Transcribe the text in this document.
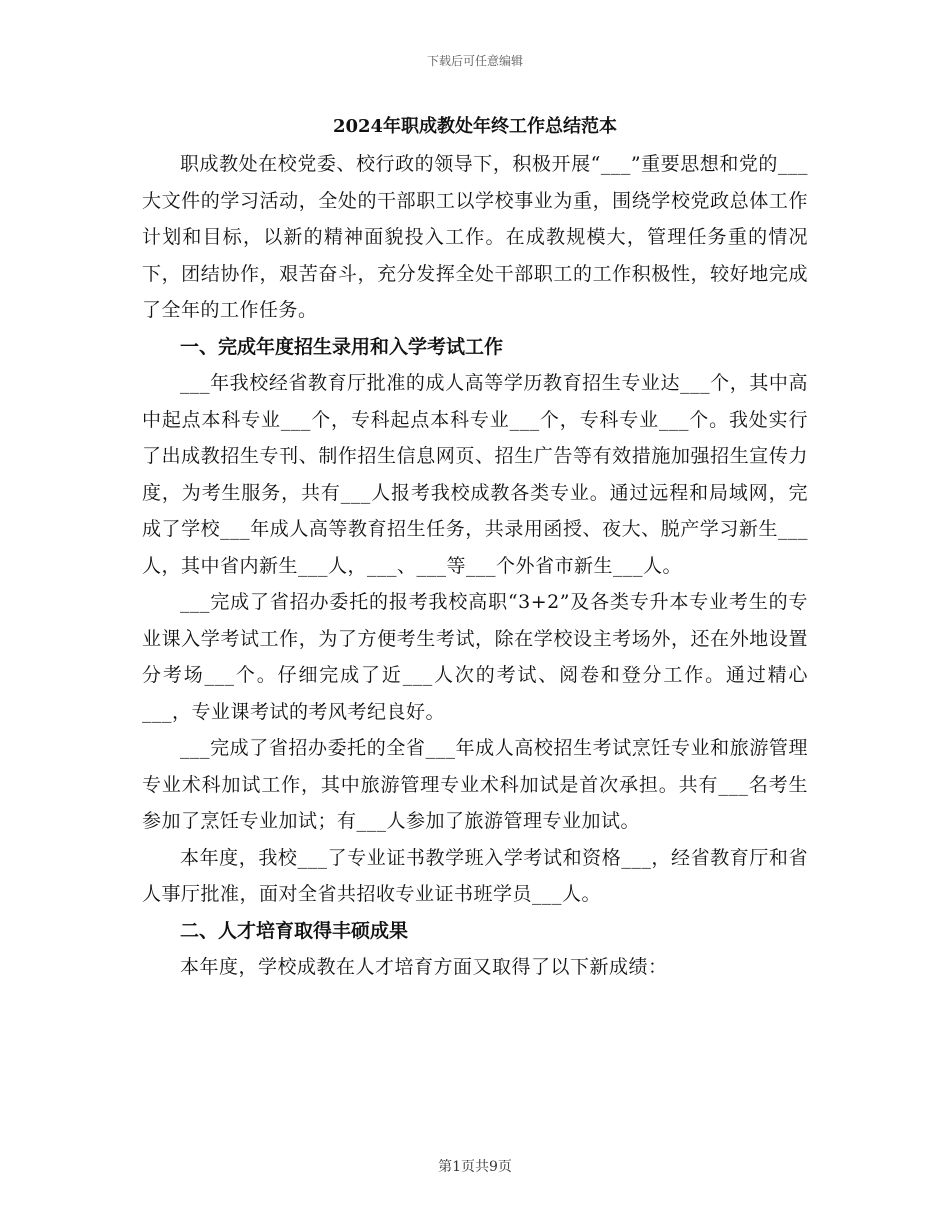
下载后可任意编辑
2024年职成教处年终工作总结范本

职成教处在校党委、校行政的领导下，积极开展“___”重要思想和党的___大文件的学习活动，全处的干部职工以学校事业为重，围绕学校党政总体工作计划和目标，以新的精神面貌投入工作。在成教规模大，管理任务重的情况下，团结协作，艰苦奋斗，充分发挥全处干部职工的工作积极性，较好地完成了全年的工作任务。

一、完成年度招生录用和入学考试工作

___年我校经省教育厅批准的成人高等学历教育招生专业达___个，其中高中起点本科专业___个，专科起点本科专业___个，专科专业___个。我处实行了出成教招生专刊、制作招生信息网页、招生广告等有效措施加强招生宣传力度，为考生服务，共有___人报考我校成教各类专业。通过远程和局域网，完成了学校___年成人高等教育招生任务，共录用函授、夜大、脱产学习新生___人，其中省内新生___人，___、___等___个外省市新生___人。

___完成了省招办委托的报考我校高职“3+2”及各类专升本专业考生的专业课入学考试工作，为了方便考生考试，除在学校设主考场外，还在外地设置分考场___个。仔细完成了近___人次的考试、阅卷和登分工作。通过精心___，专业课考试的考风考纪良好。

___完成了省招办委托的全省___年成人高校招生考试烹饪专业和旅游管理专业术科加试工作，其中旅游管理专业术科加试是首次承担。共有___名考生参加了烹饪专业加试；有___人参加了旅游管理专业加试。

本年度，我校___了专业证书教学班入学考试和资格___，经省教育厅和省人事厅批准，面对全省共招收专业证书班学员___人。

二、人才培育取得丰硕成果

本年度，学校成教在人才培育方面又取得了以下新成绩：

第1页共9页
